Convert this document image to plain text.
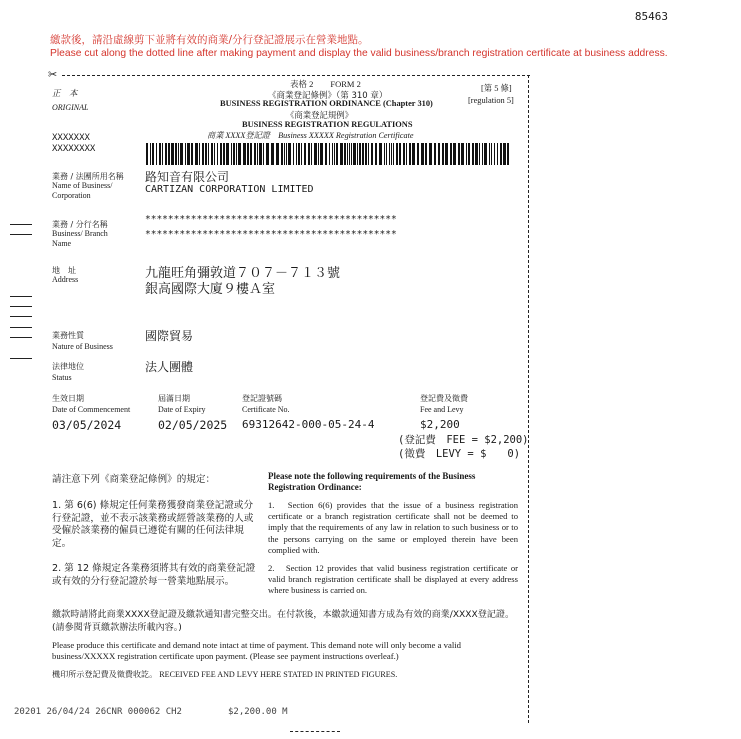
85463
繳款後，請沿虛線剪下並將有效的商業/分行登記證展示在營業地點。
Please cut along the dotted line after making payment and display the valid business/branch registration certificate at business address.
✂
正　本
ORIGINAL
表格 2　　FORM 2
《商業登記條例》（第 310 章）
BUSINESS REGISTRATION ORDINANCE (Chapter 310)
《商業登記規例》
BUSINESS REGISTRATION REGULATIONS
商業 XXXX登記證　Business XXXXX Registration Certificate
[第 5 條]
[regulation 5]
XXXXXXX
XXXXXXXX
業務 / 法團所用名稱
Name of Business/ Corporation
路知音有限公司
CARTIZAN CORPORATION LIMITED
業務 / 分行名稱
Business/ Branch Name
********************************************
********************************************
地　址
Address	九龍旺角彌敦道７０７－７１３號
銀高國際大廈９樓Ａ室
業務性質
Nature of Business
國際貿易
法律地位
Status
法人團體
生效日期
Date of Commencement
03/05/2024
屆滿日期
Date of Expiry
02/05/2025
登記證號碼
Certificate No.
69312642-000-05-24-4
登記費及徵費
Fee and Levy
$2,200
(登記費　FEE = $2,200)
(徵費　LEVY = $　　0)
請注意下列《商業登記條例》的規定：	Please note the following requirements of the Business Registration Ordinance:
1. 第 6(6) 條規定任何業務獲發商業登記證或分行登記證，並不表示該業務或經營該業務的人或受僱於該業務的僱員已遵從有關的任何法律規定。
1.　Section 6(6) provides that the issue of a business registration certificate or a branch registration certificate shall not be deemed to imply that the requirements of any law in relation to such business or to the persons carrying on the same or employed therein have been complied with.
2. 第 12 條規定各業務須將其有效的商業登記證或有效的分行登記證於每一營業地點展示。
2.　Section 12 provides that valid business registration certificate or valid branch registration certificate shall be displayed at every address where business is carried on.
繳款時請將此商業XXXX登記證及繳款通知書完整交出。在付款後，本繳款通知書方成為有效的商業/XXXX登記證。(請參閱背頁繳款辦法所載內容。)
Please produce this certificate and demand note intact at time of payment. This demand note will only become a valid business/XXXXX registration certificate upon payment. (Please see payment instructions overleaf.)
機印所示登記費及徵費收訖。 RECEIVED FEE AND LEVY HERE STATED IN PRINTED FIGURES.
20201 26/04/24 26CNR 000062 CH2	$2,200.00 M
